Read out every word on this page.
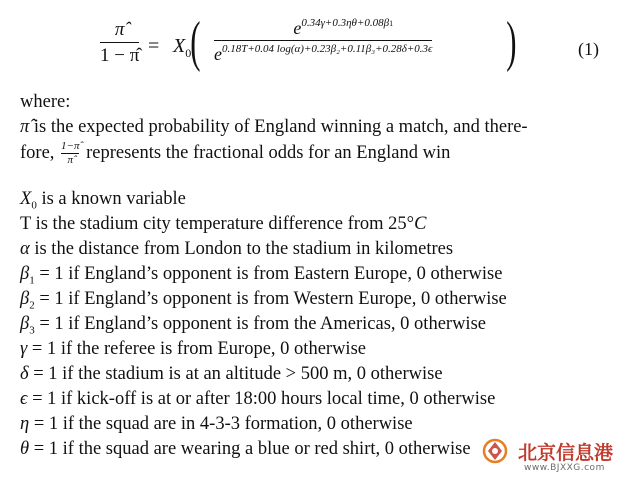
π̂
1 − π̂ = $X_0$
(	$e^{0.34\gamma+0.3\eta\theta+0.08\beta 1}$
$e^{0.18T+0.04 log(\alpha)+0.23\beta_2+0.11\beta_3+0.28\delta+0.3\epsilon}$ )	(1)
where:
π̂ is the expected probability of England winning a match, and there-
fore, $\frac{1-\pî}{\pî}$ represents the fractional odds for an England win
$X_0$ is a known variable
T is the stadium city temperature difference from 25°C
α is the distance from London to the stadium in kilometres
$\beta_1 = 1$ if England’s opponent is from Eastern Europe, 0 otherwise
$\beta_2 = 1$ if England’s opponent is from Western Europe, 0 otherwise
$\beta_3 = 1$ if England’s opponent is from the Americas, 0 otherwise
γ = 1 if the referee is from Europe, 0 otherwise
δ = 1 if the stadium is at an altitude > 500 m, 0 otherwise
ϵ = 1 if kick-off is at or after 18:00 hours local time, 0 otherwise
η = 1 if the squad are in 4-3-3 formation, 0 otherwise
θ = 1 if the squad are wearing a blue or red shirt, 0 otherwise 北京信息港
www.BJXXG.com
